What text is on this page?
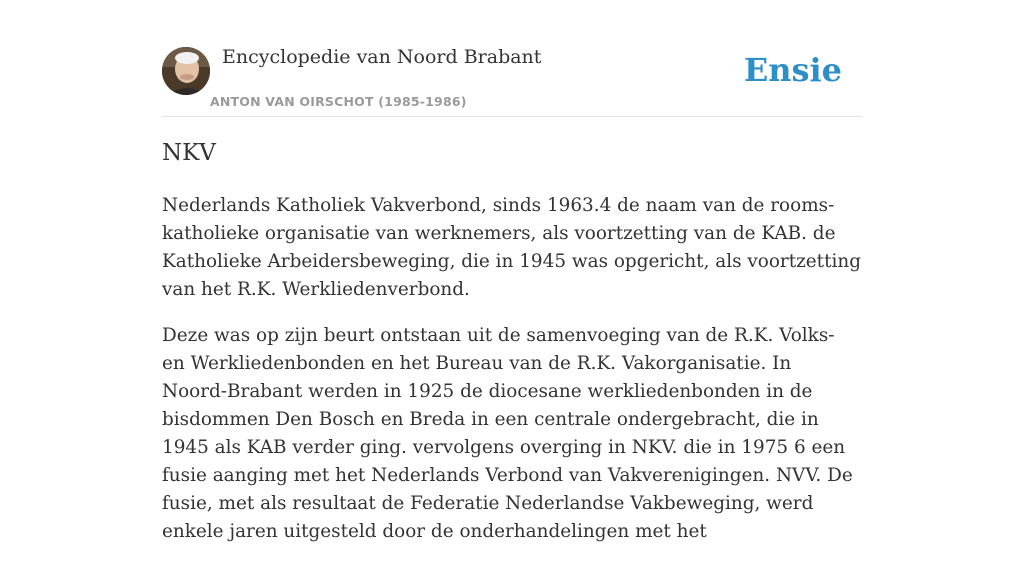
Encyclopedie van Noord Brabant
ANTON VAN OIRSCHOT (1985-1986)
Ensie
NKV

Nederlands Katholiek Vakverbond, sinds 1963.4 de naam van de rooms-katholieke organisatie van werknemers, als voortzetting van de KAB. de Katholieke Arbeidersbeweging, die in 1945 was opgericht, als voortzetting van het R.K. Werkliedenverbond.

Deze was op zijn beurt ontstaan uit de samenvoeging van de R.K. Volks- en Werkliedenbonden en het Bureau van de R.K. Vakorganisatie. In Noord-Brabant werden in 1925 de diocesane werkliedenbonden in de bisdommen Den Bosch en Breda in een centrale ondergebracht, die in 1945 als KAB verder ging. vervolgens overging in NKV. die in 1975 6 een fusie aanging met het Nederlands Verbond van Vakverenigingen. NVV. De fusie, met als resultaat de Federatie Nederlandse Vakbeweging, werd enkele jaren uitgesteld door de onderhandelingen met het
